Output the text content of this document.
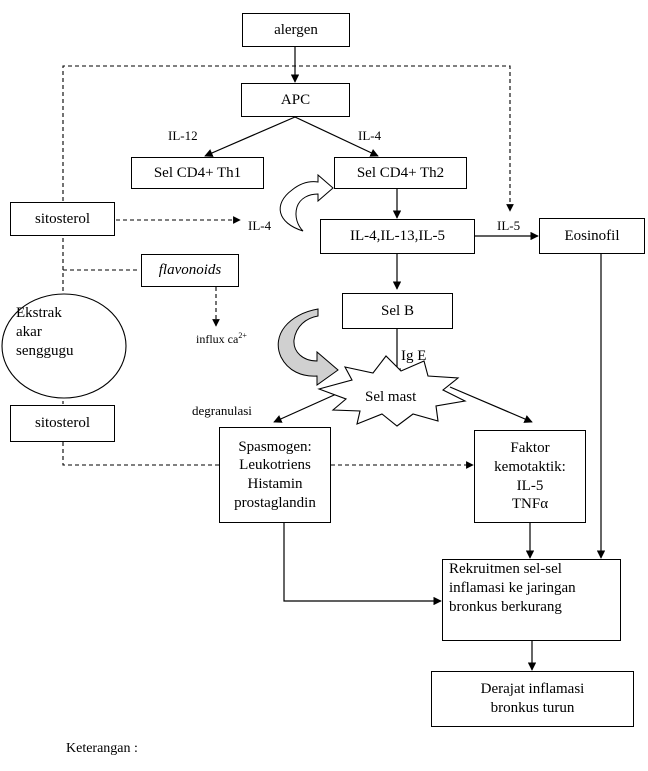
alergen
APC
Sel CD4+ Th1	Sel CD4+ Th2
sitosterol
IL-4,IL-13,IL-5	Eosinofil
flavonoids
Sel B
sitosterol
Ekstrak
akar
senggugu
Sel mast
Spasmogen:
Leukotriens
Histamin
prostaglandin
Faktor
kemotaktik:
IL-5
TNFα
Rekruitmen sel-sel
inflamasi ke jaringan
bronkus berkurang
Derajat inflamasi
bronkus turun
IL-12	IL-4
IL-4	IL-5
influx $ca^{2+}$
Ig E
degranulasi
Keterangan :
